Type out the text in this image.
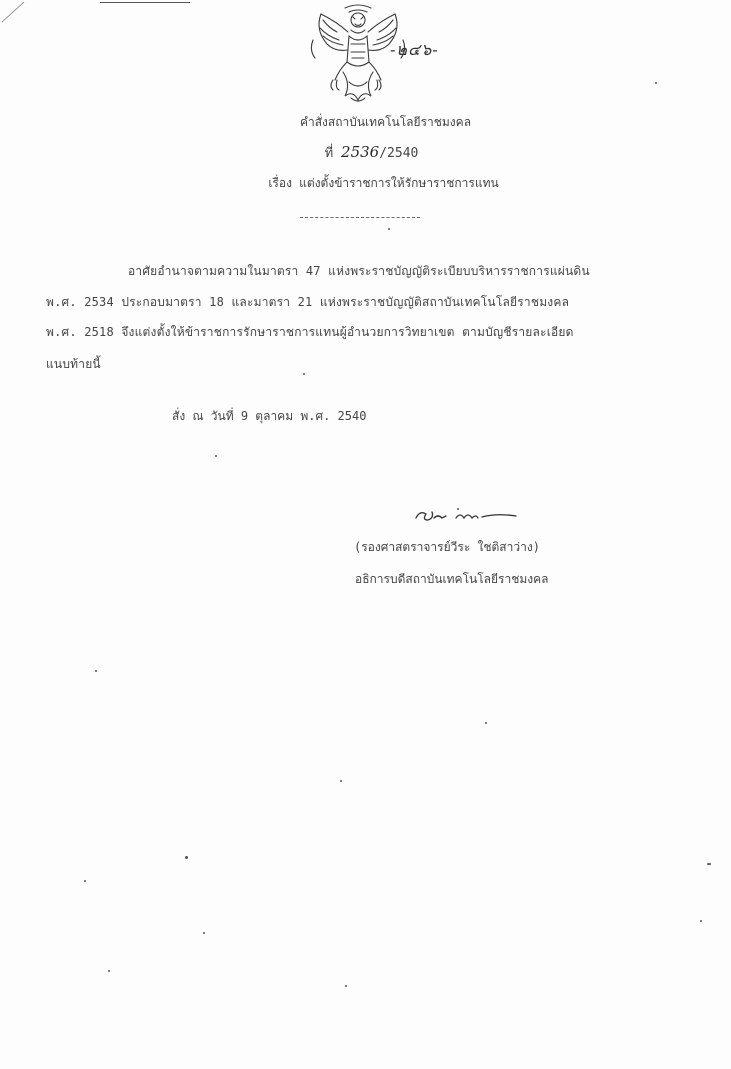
-๒๔๖-
คำสั่งสถาบันเทคโนโลยีราชมงคล
ที่ 2536/2540
เรื่อง แต่งตั้งข้าราชการให้รักษาราชการแทน
อาศัยอำนาจตามความในมาตรา 47 แห่งพระราชบัญญัติระเบียบบริหารราชการแผ่นดิน
พ.ศ. 2534 ประกอบมาตรา 18 และมาตรา 21 แห่งพระราชบัญญัติสถาบันเทคโนโลยีราชมงคล
พ.ศ. 2518 จึงแต่งตั้งให้ข้าราชการรักษาราชการแทนผู้อำนวยการวิทยาเขต ตามบัญชีรายละเอียด
แนบท้ายนี้
สั่ง ณ วันที่ 9 ตุลาคม พ.ศ. 2540
(รองศาสตราจารย์วีระ ใชติสาว่าง)
อธิการบดีสถาบันเทคโนโลยีราชมงคล
